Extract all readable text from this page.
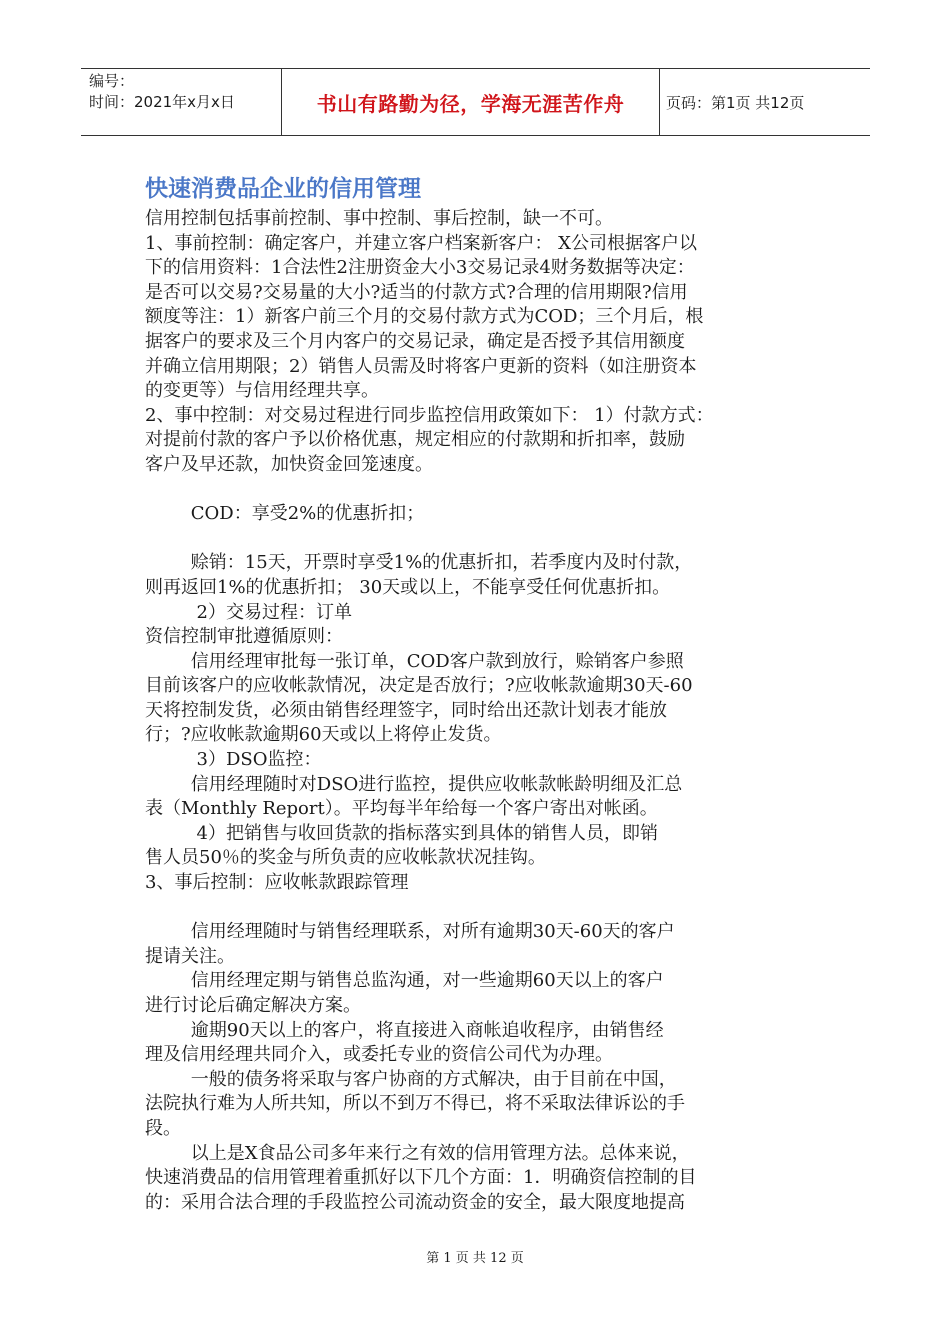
编号：
时间：2021年x月x日	书山有路勤为径，学海无涯苦作舟	页码：第1页 共12页
快速消费品企业的信用管理

信用控制包括事前控制、事中控制、事后控制，缺一不可。

1、事前控制：确定客户，并建立客户档案新客户： X公司根据客户以

下的信用资料：1合法性2注册资金大小3交易记录4财务数据等决定：

是否可以交易?交易量的大小?适当的付款方式?合理的信用期限?信用

额度等注：1）新客户前三个月的交易付款方式为COD；三个月后，根

据客户的要求及三个月内客户的交易记录，确定是否授予其信用额度

并确立信用期限；2）销售人员需及时将客户更新的资料（如注册资本

的变更等）与信用经理共享。

2、事中控制：对交易过程进行同步监控信用政策如下： 1）付款方式：

对提前付款的客户予以价格优惠，规定相应的付款期和折扣率，鼓励

客户及早还款，加快资金回笼速度。

COD：享受2%的优惠折扣；

赊销：15天，开票时享受1%的优惠折扣，若季度内及时付款，

则再返回1%的优惠折扣； 30天或以上，不能享受任何优惠折扣。

2）交易过程：订单

资信控制审批遵循原则：

信用经理审批每一张订单，COD客户款到放行，赊销客户参照

目前该客户的应收帐款情况，决定是否放行；?应收帐款逾期30天-60

天将控制发货，必须由销售经理签字，同时给出还款计划表才能放

行；?应收帐款逾期60天或以上将停止发货。

3）DSO监控：

信用经理随时对DSO进行监控，提供应收帐款帐龄明细及汇总

表（Monthly Report）。平均每半年给每一个客户寄出对帐函。

4）把销售与收回货款的指标落实到具体的销售人员，即销

售人员50％的奖金与所负责的应收帐款状况挂钩。

3、事后控制：应收帐款跟踪管理

信用经理随时与销售经理联系，对所有逾期30天-60天的客户

提请关注。

信用经理定期与销售总监沟通，对一些逾期60天以上的客户

进行讨论后确定解决方案。

逾期90天以上的客户，将直接进入商帐追收程序，由销售经

理及信用经理共同介入，或委托专业的资信公司代为办理。

一般的债务将采取与客户协商的方式解决，由于目前在中国，

法院执行难为人所共知，所以不到万不得已，将不采取法律诉讼的手

段。

以上是X食品公司多年来行之有效的信用管理方法。总体来说，

快速消费品的信用管理着重抓好以下几个方面：1．明确资信控制的目

的：采用合法合理的手段监控公司流动资金的安全，最大限度地提高

第 1 页 共 12 页
